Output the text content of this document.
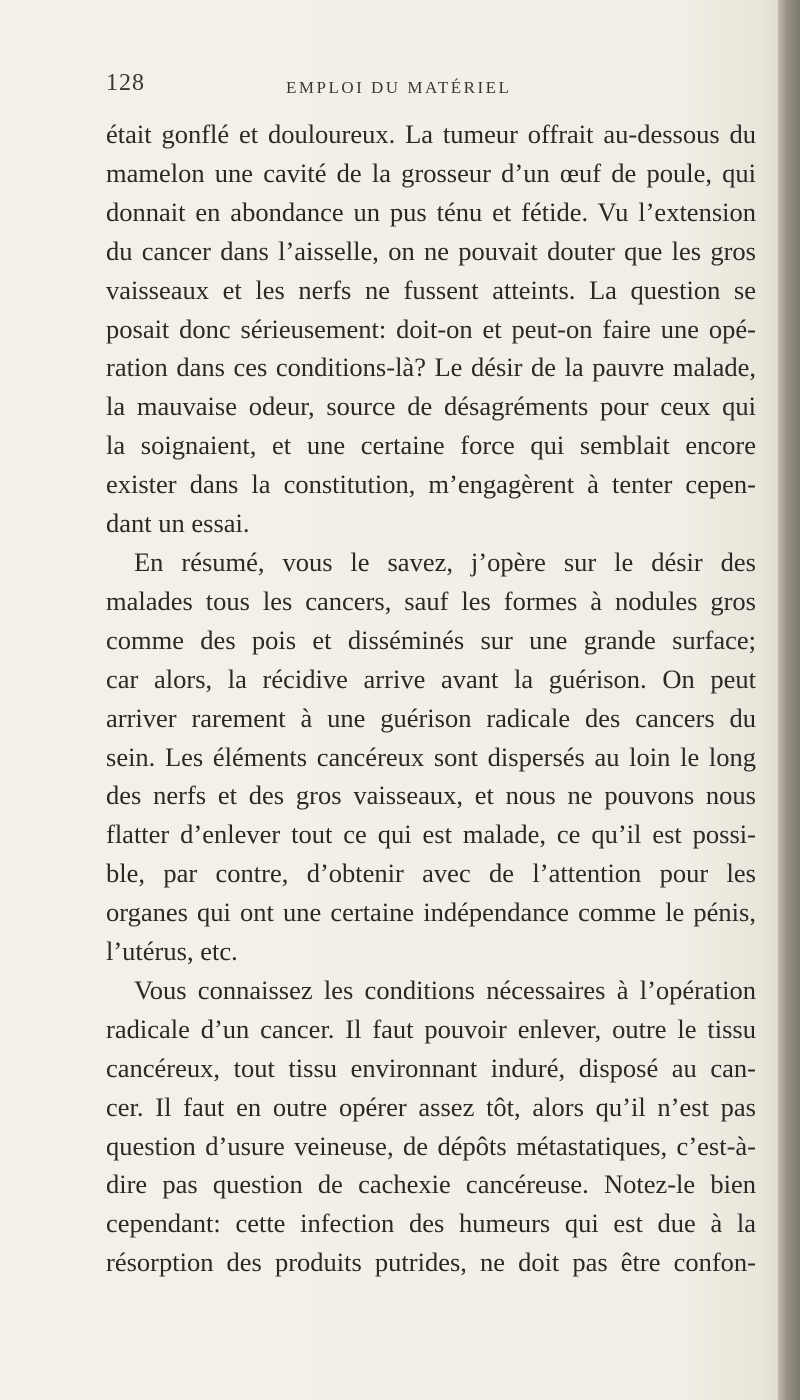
128	EMPLOI DU MATÉRIEL
était gonflé et douloureux. La tumeur offrait au-dessous du
mamelon une cavité de la grosseur d’un œuf de poule, qui
donnait en abondance un pus ténu et fétide. Vu l’extension
du cancer dans l’aisselle, on ne pouvait douter que les gros
vaisseaux et les nerfs ne fussent atteints. La question se
posait donc sérieusement: doit-on et peut-on faire une opé-
ration dans ces conditions-là? Le désir de la pauvre malade,
la mauvaise odeur, source de désagréments pour ceux qui
la soignaient, et une certaine force qui semblait encore
exister dans la constitution, m’engagèrent à tenter cepen-
dant un essai.
En résumé, vous le savez, j’opère sur le désir des
malades tous les cancers, sauf les formes à nodules gros
comme des pois et disséminés sur une grande surface;
car alors, la récidive arrive avant la guérison. On peut
arriver rarement à une guérison radicale des cancers du
sein. Les éléments cancéreux sont dispersés au loin le long
des nerfs et des gros vaisseaux, et nous ne pouvons nous
flatter d’enlever tout ce qui est malade, ce qu’il est possi-
ble, par contre, d’obtenir avec de l’attention pour les
organes qui ont une certaine indépendance comme le pénis,
l’utérus, etc.
Vous connaissez les conditions nécessaires à l’opération
radicale d’un cancer. Il faut pouvoir enlever, outre le tissu
cancéreux, tout tissu environnant induré, disposé au can-
cer. Il faut en outre opérer assez tôt, alors qu’il n’est pas
question d’usure veineuse, de dépôts métastatiques, c’est-à-
dire pas question de cachexie cancéreuse. Notez-le bien
cependant: cette infection des humeurs qui est due à la
résorption des produits putrides, ne doit pas être confon-
